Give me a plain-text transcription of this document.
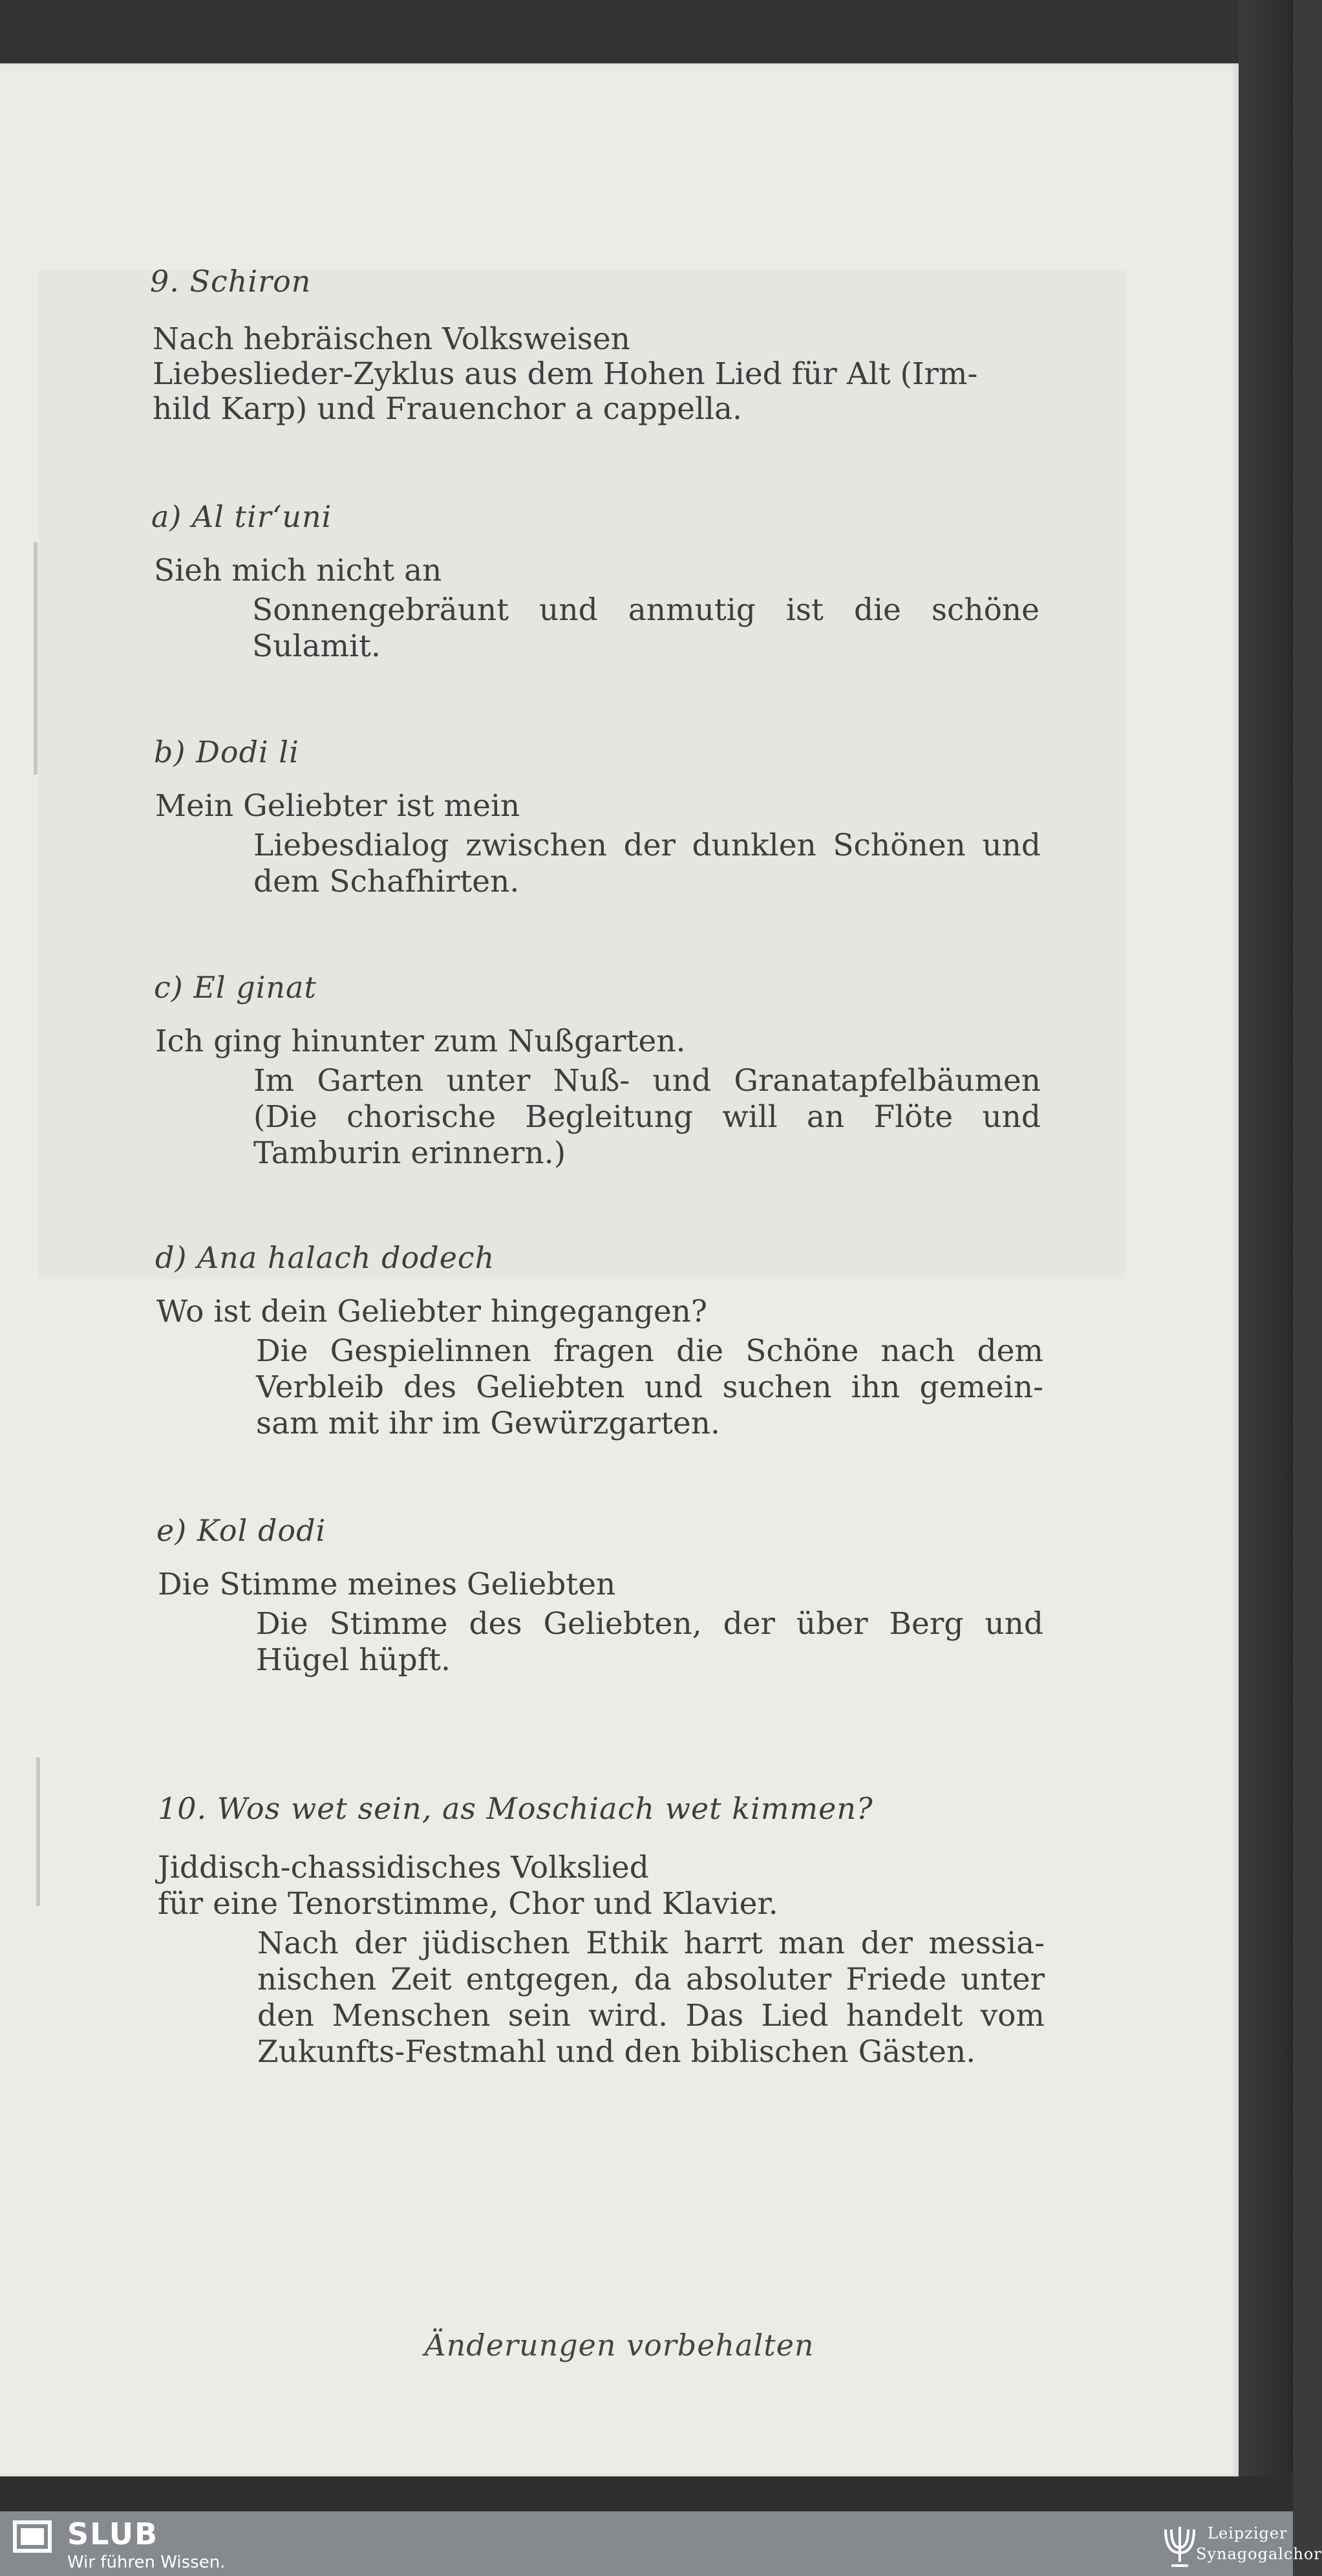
9. Schiron
Nach hebräischen Volksweisen
Liebeslieder-Zyklus aus dem Hohen Lied für Alt (Irm-
hild Karp) und Frauenchor a cappella.
a) Al tir‘uni
Sieh mich nicht an
Sonnengebräunt und anmutig ist die schöne Sulamit.
b) Dodi li
Mein Geliebter ist mein
Liebesdialog zwischen der dunklen Schönen und dem Schafhirten.
c) El ginat
Ich ging hinunter zum Nußgarten.
Im Garten unter Nuß- und Granatapfelbäumen (Die chorische Begleitung will an Flöte und Tamburin erinnern.)
d) Ana halach dodech
Wo ist dein Geliebter hingegangen?
Die Gespielinnen fragen die Schöne nach dem Verbleib des Geliebten und suchen ihn gemein-sam mit ihr im Gewürzgarten.
e) Kol dodi
Die Stimme meines Geliebten
Die Stimme des Geliebten, der über Berg und Hügel hüpft.
10. Wos wet sein, as Moschiach wet kimmen?
Jiddisch-chassidisches Volkslied
für eine Tenorstimme, Chor und Klavier.
Nach der jüdischen Ethik harrt man der messia-nischen Zeit entgegen, da absoluter Friede unter den Menschen sein wird. Das Lied handelt vom Zukunfts-Festmahl und den biblischen Gästen.
Änderungen vorbehalten
SLUB
Wir führen Wissen.
Leipziger
Synagogalchor
